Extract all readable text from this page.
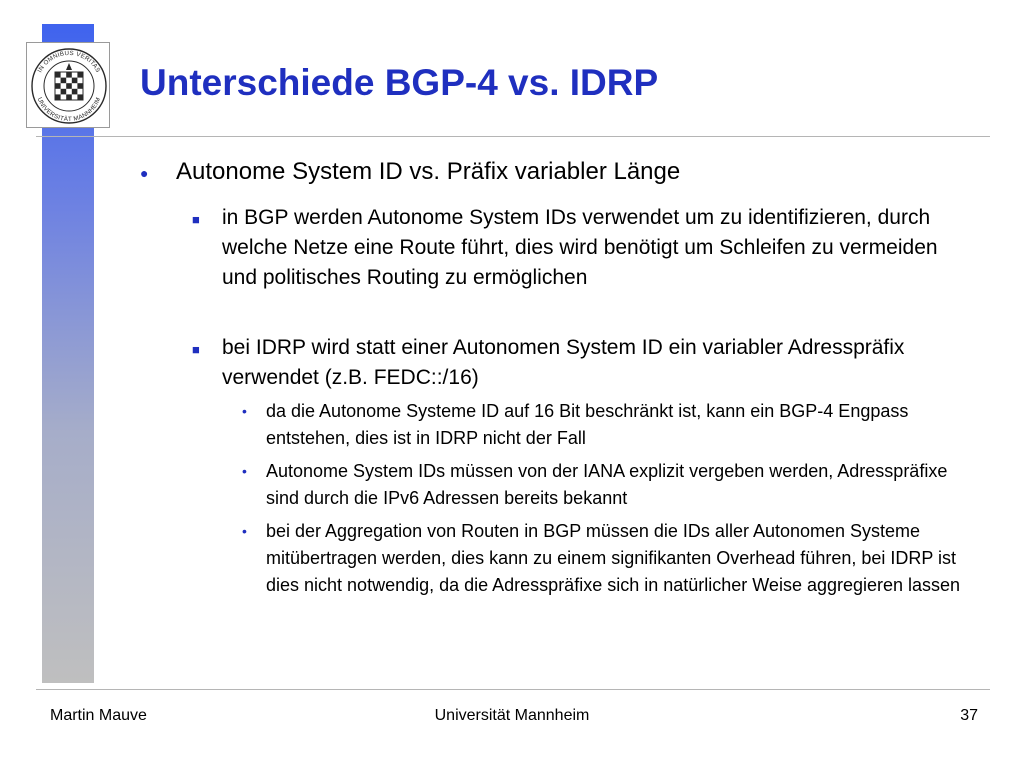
IN OMNIBUS VERITAS
UNIVERSITÄT MANNHEIM Unterschiede BGP-4 vs. IDRP
● Autonome System ID vs. Präfix variabler Länge
■ in BGP werden Autonome System IDs verwendet um zu identifizieren, durch welche Netze eine Route führt, dies wird benötigt um Schleifen zu vermeiden und politisches Routing zu ermöglichen
■ bei IDRP wird statt einer Autonomen System ID ein variabler Adresspräfix verwendet (z.B. FEDC::/16)
• da die Autonome Systeme ID auf 16 Bit beschränkt ist, kann ein BGP-4 Engpass entstehen, dies ist in IDRP nicht der Fall
• Autonome System IDs müssen von der IANA explizit vergeben werden, Adresspräfixe sind durch die IPv6 Adressen bereits bekannt
• bei der Aggregation von Routen in BGP müssen die IDs aller Autonomen Systeme mitübertragen werden, dies kann zu einem signifikanten Overhead führen, bei IDRP ist dies nicht notwendig, da die Adresspräfixe sich in natürlicher Weise aggregieren lassen
Martin Mauve	Universität Mannheim	37
